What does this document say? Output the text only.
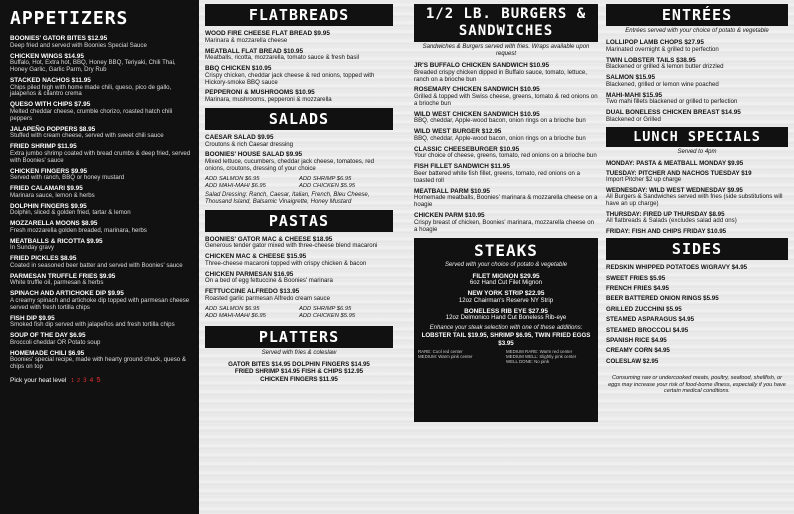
APPETIZERS
BOONIES' GATOR BITES $12.95
Deep fried and served with Boonies Special Sauce
CHICKEN WINGS $14.95
Buffalo, Hot, Extra hot, BBQ, Honey BBQ, Teriyaki, Chili Thai, Honey Garlic, Garlic Parm, Dry Rub
STACKED NACHOS $11.95
Chips piled high with home made chili, queso, pico de gallo, jalapenos & cilantro crema
QUESO WITH CHIPS $7.95
Melted cheddar cheese, crumble chorizo, roasted hatch chili peppers
JALAPEÑO POPPERS $8.95
Stuffed with cream cheese, served with sweet chili sauce
FRIED SHRIMP $11.95
Extra jumbo shrimp coated with bread crumbs & deep fried, served with Boonies' sauce
CHICKEN FINGERS $9.95
Served with ranch, BBQ or honey mustard
FRIED CALAMARI $9.95
Marinara sauce, lemon & herbs
DOLPHIN FINGERS $9.95
Dolphin, sliced & golden fried, tartar & lemon
MOZZARELLA MOONS $8.95
Fresh mozzarella golden breaded, marinara, herbs
MEATBALLS & RICOTTA $9.95
In Sunday gravy
FRIED PICKLES $8.95
Coated in seasoned beer batter and served with Boonies' sauce
PARMESAN TRUFFLE FRIES $9.95
White truffle oil, parmesan & herbs
SPINACH AND ARTICHOKE DIP $9.95
A creamy spinach and artichoke dip topped with parmesan cheese served with fresh tortilla chips
FISH DIP $9.95
Smoked fish dip served with jalapeños and fresh tortilla chips
SOUP OF THE DAY $6.95
Broccoli cheddar OR Potato soup
HOMEMADE CHILI $6.95
Boonies' special recipe, made with hearty ground chuck, queso & chips on top
Pick your heat level 1 2 3 4 5
FLATBREADS
WOOD FIRE CHEESE FLAT BREAD $9.95
Marinara & mozzarella cheese
MEATBALL FLAT BREAD $10.95
Meatballs, ricotta, mozzarella, tomato sauce & fresh basil
BBQ CHICKEN $10.95
Crispy chicken, cheddar jack cheese & red onions, topped with Hickory-smoke BBQ sauce
PEPPERONI & MUSHROOMS $10.95
Marinara, mushrooms, pepperoni & mozzarella
SALADS
CAESAR SALAD $9.95
Croutons & rich Caesar dressing
BOONIES' HOUSE SALAD $9.95
Mixed lettuce, cucumbers, cheddar jack cheese, tomatoes, red onions, croutons, dressing of your choice
ADD SALMON $6.95	ADD SHRIMP $6.95
ADD MAHI-MAHI $6.95	ADD CHICKEN $5.95
Salad Dressing: Ranch, Caesar, Italian, French, Bleu Cheese, Thousand Island, Balsamic Vinaigrette, Honey Mustard
PASTAS
BOONIES' GATOR MAC & CHEESE $18.95
Generous tender gator mixed with three-cheese blend macaroni
CHICKEN MAC & CHEESE $15.95
Three-cheese macaroni topped with crispy chicken & bacon
CHICKEN PARMESAN $16.95
On a bed of egg fettuccine & Boonies' marinara
FETTUCCINE ALFREDO $13.95
Roasted garlic parmesan Alfredo cream sauce
ADD SALMON $6.95	ADD SHRIMP $6.95
ADD MAHI-MAHI $6.95	ADD CHICKEN $5.95
PLATTERS
Served with fries & coleslaw
GATOR BITES $14.95 DOLPHIN FINGERS $14.95
FRIED SHRIMP $14.95 FISH & CHIPS $12.95
CHICKEN FINGERS $11.95
1/2 LB. BURGERS & SANDWICHES
Sandwiches & Burgers served with fries. Wraps available upon request
JR'S BUFFALO CHICKEN SANDWICH $10.95
Breaded crispy chicken dipped in Buffalo sauce, tomato, lettuce, ranch on a brioche bun
ROSEMARY CHICKEN SANDWICH $10.95
Grilled & topped with Swiss cheese, greens, tomato & red onions on a brioche bun
WILD WEST CHICKEN SANDWICH $10.95
BBQ, cheddar, Apple-wood bacon, onion rings on a brioche bun
WILD WEST BURGER $12.95
BBQ, cheddar, Apple-wood bacon, onion rings on a brioche bun
CLASSIC CHEESEBURGER $10.95
Your choice of cheese, greens, tomato, red onions on a brioche bun
FISH FILLET SANDWICH $11.95
Beer battered white fish fillet, greens, tomato, red onions on a toasted roll
MEATBALL PARM $10.95
Homemade meatballs, Boonies' marinara & mozzarella cheese on a hoagie
CHICKEN PARM $10.95
Crispy breast of chicken, Boonies' marinara, mozzarella cheese on a hoagie
STEAKS
Served with your choice of potato & vegetable
FILET MIGNON $29.95
6oz Hand Cut Filet Mignon
NEW YORK STRIP $22.95
12oz Chairman's Reserve NY Strip
BONELESS RIB EYE $27.95
12oz Delmonico Hand Cut Boneless Rib-eye
Enhance your steak selection with one of these additions:
LOBSTER TAIL $19.95, SHRIMP $6.95, TWIN FRIED EGGS $3.95
RARE: Cool red center	MEDIUM RARE: Warm red center
MEDIUM: Warm pink center	MEDIUM WELL: Slightly pink center
WELL DONE: No pink
ENTRÉES
Entrées served with your choice of potato & vegetable
LOLLIPOP LAMB CHOPS $27.95
Marinated overnight & grilled to perfection
TWIN LOBSTER TAILS $38.95
Blackened or grilled & lemon butter drizzled
SALMON $15.95
Blackened, grilled or lemon wine poached
MAHI-MAHI $15.95
Two mahi fillets blackened or grilled to perfection
DUAL BONELESS CHICKEN BREAST $14.95
Blackened or Grilled
LUNCH SPECIALS
Served to 4pm
MONDAY: PASTA & MEATBALL MONDAY $9.95
TUESDAY: PITCHER AND NACHOS TUESDAY $19
Import Pitcher $2 up charge
WEDNESDAY: WILD WEST WEDNESDAY $9.95
All Burgers & Sandwiches served with fries (side substitutions will have an up charge)
THURSDAY: FIRED UP THURSDAY $8.95
All flatbreads & Salads (excludes salad add ons)
FRIDAY: FISH AND CHIPS FRIDAY $10.95
SIDES
REDSKIN WHIPPED POTATOES W/GRAVY $4.95
SWEET FRIES $5.95
FRENCH FRIES $4.95
BEER BATTERED ONION RINGS $5.95
GRILLED ZUCCHINI $5.95
STEAMED ASPARAGUS $4.95
STEAMED BROCCOLI $4.95
SPANISH RICE $4.95
CREAMY CORN $4.95
COLESLAW $2.95
Consuming raw or undercooked meats, poultry, seafood, shellfish, or eggs may increase your risk of food-borne illness, especially if you have certain medical conditions.
